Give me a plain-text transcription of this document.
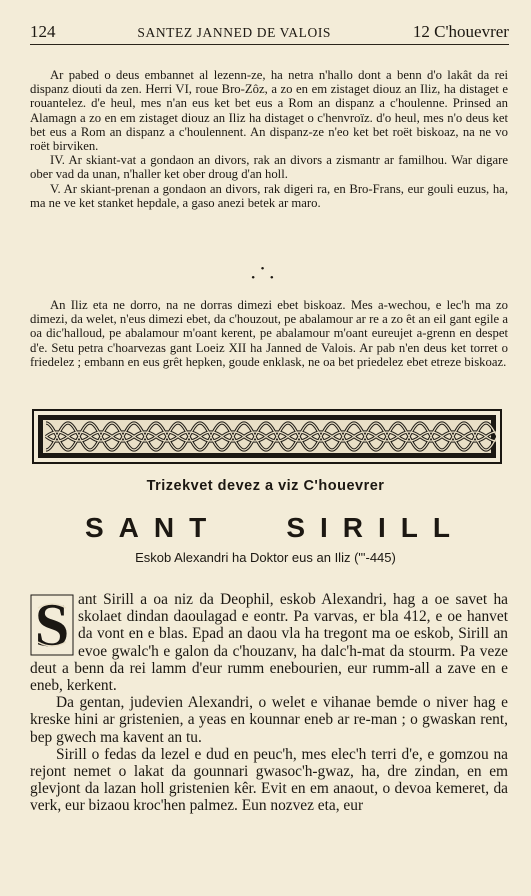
124	SANTEZ JANNED DE VALOIS	12 C'houevrer

Ar pabed o deus embannet al lezenn-ze, ha netra n'hallo dont a benn d'o lakât da rei dispanz diouti da zen. Herri VI, roue Bro-Zôz, a zo en em zistaget diouz an Iliz, ha distaget e rouantelez. d'e heul, mes n'an eus ket bet eus a Rom an dispanz a c'houlenne. Prinsed an Alamagn a zo en em zistaget diouz an Iliz ha distaget o c'henvroïz. d'o heul, mes n'o deus ket bet eus a Rom an dispanz a c'houlennent. An dispanz-ze n'eo ket bet roët biskoaz, na ne vo roët birviken.

IV. Ar skiant-vat a gondaon an divors, rak an divors a zismantr ar familhou. War digare ober vad da unan, n'haller ket ober droug d'an holl.

V. Ar skiant-prenan a gondaon an divors, rak digeri ra, en Bro-Frans, eur gouli euzus, ha, ma ne ve ket stanket hepdale, a gaso anezi betek ar maro.

•
• •

An Iliz eta ne dorro, na ne dorras dimezi ebet biskoaz. Mes a-wechou, e lec'h ma zo dimezi, da welet, n'eus dimezi ebet, da c'houzout, pe abalamour ar re a zo êt an eil gant egile a oa dic'halloud, pe abalamour m'oant kerent, pe abalamour m'oant eureujet a-grenn en despet d'e. Setu petra c'hoarvezas gant Loeiz XII ha Janned de Valois. Ar pab n'en deus ket torret o friedelez ; embann en eus grêt hepken, goude enklask, ne oa bet priedelez ebet etreze biskoaz.

Trizekvet devez a viz C'houevrer
SANT SIRILL
Eskob Alexandri ha Doktor eus an Iliz ("'-445)

S ant Sirill a oa niz da Deophil, eskob Alexandri, hag a oe savet ha skolaet dindan daoulagad e eontr. Pa varvas, er bla 412, e oe hanvet da vont en e blas. Epad an daou vla ha tregont ma oe eskob, Sirill an evoe gwalc'h e galon da c'houzanv, ha dalc'h-mat da stourm. Pa veze deut a benn da rei lamm d'eur rumm enebourien, eur rumm-all a zave en e eneb, kerkent.

Da gentan, judevien Alexandri, o welet e vihanae bemde o niver hag e kreske hini ar gristenien, a yeas en kounnar eneb ar re-man ; o gwaskan rent, bep gwech ma kavent an tu.

Sirill o fedas da lezel e dud en peuc'h, mes elec'h terri d'e, e gomzou na rejont nemet o lakat da gounnari gwasoc'h-gwaz, ha, dre zindan, en em glevjont da lazan holl gristenien kêr. Evit en em anaout, o devoa kemeret, da verk, eur bizaou kroc'hen palmez. Eun nozvez eta, eur
